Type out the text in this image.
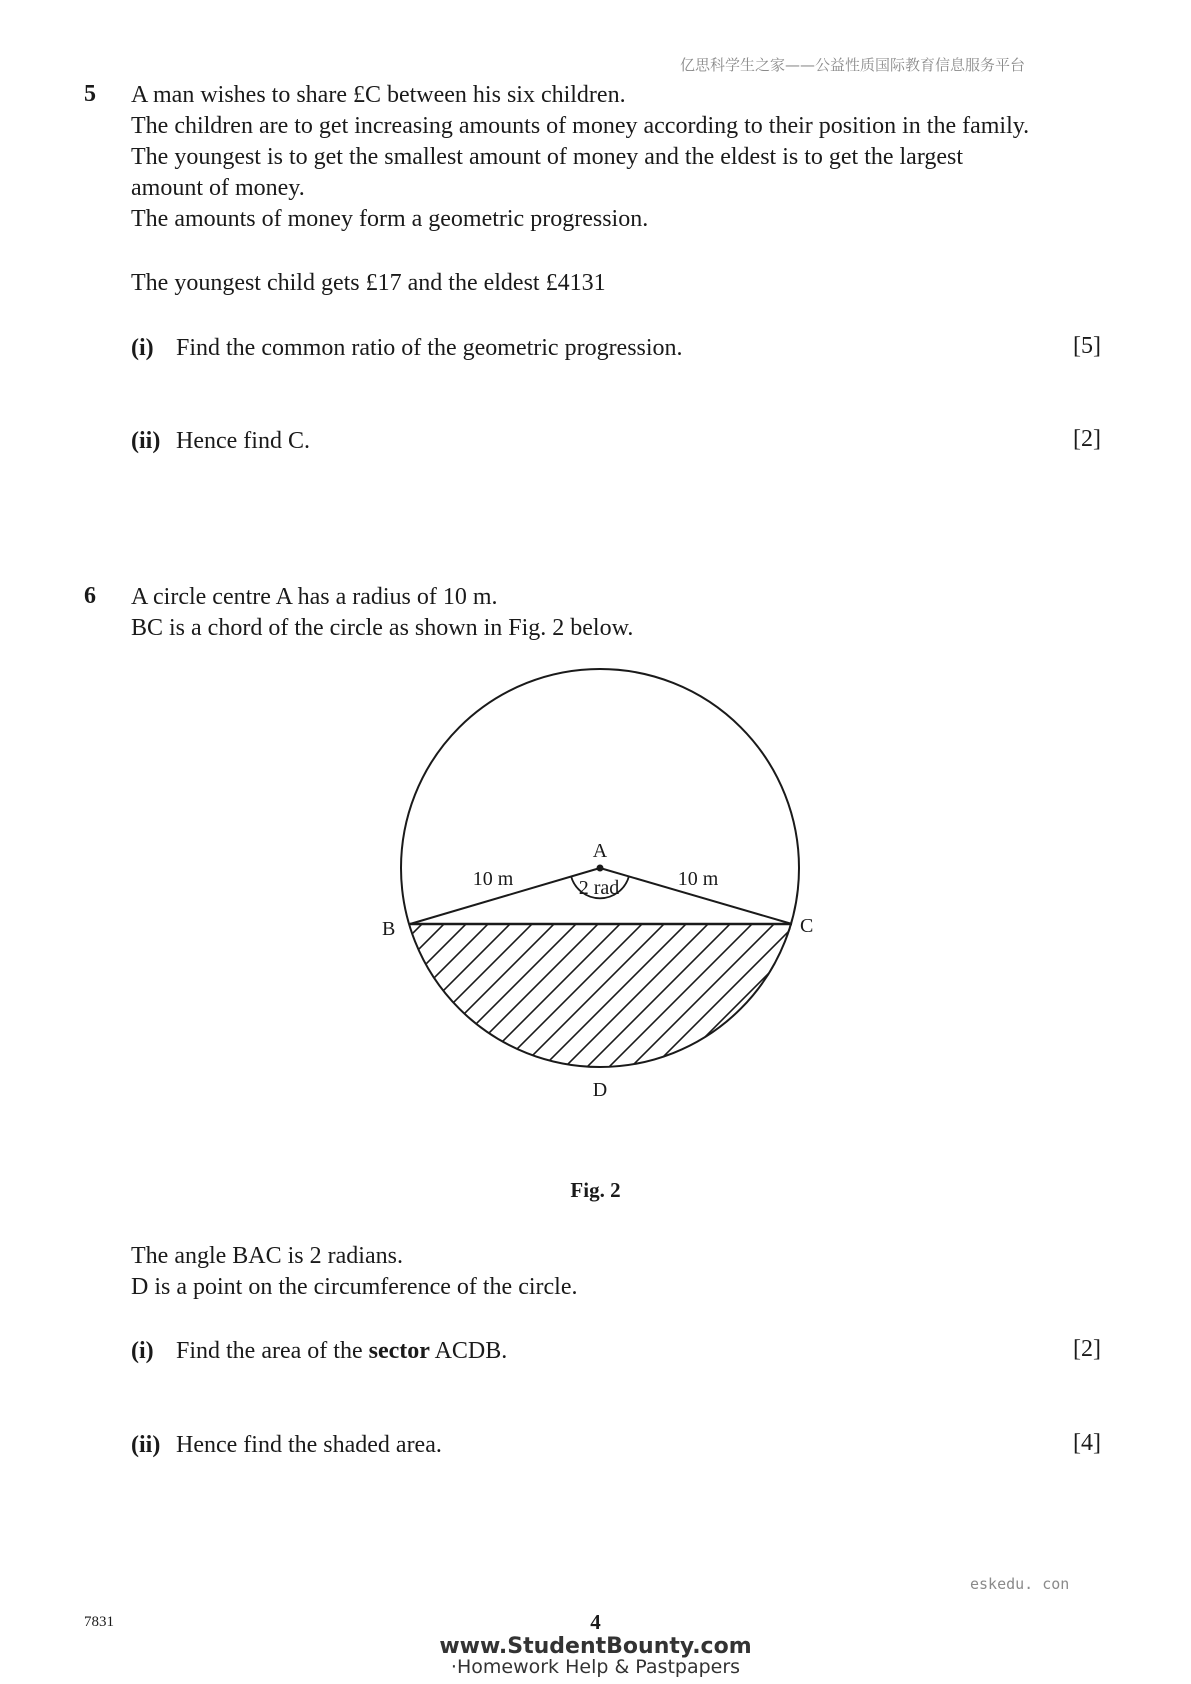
亿思科学生之家——公益性质国际教育信息服务平台
5 A man wishes to share £C between his six children.
The children are to get increasing amounts of money according to their position in the family.
The youngest is to get the smallest amount of money and the eldest is to get the largest
amount of money.
The amounts of money form a geometric progression.

The youngest child gets £17 and the eldest £4131

(i) Find the common ratio of the geometric progression.	[5]
(ii) Hence find C.	[2]
6 A circle centre A has a radius of 10 m.
BC is a chord of the circle as shown in Fig. 2 below.

A
B	C
D
10 m	10 m
2 rad
Fig. 2

The angle BAC is 2 radians.
D is a point on the circumference of the circle.

(i) Find the area of the sector ACDB.	[2]
(ii) Hence find the shaded area.	[4]
eskedu. con
7831	4
www.StudentBounty.com
·Homework Help & Pastpapers
